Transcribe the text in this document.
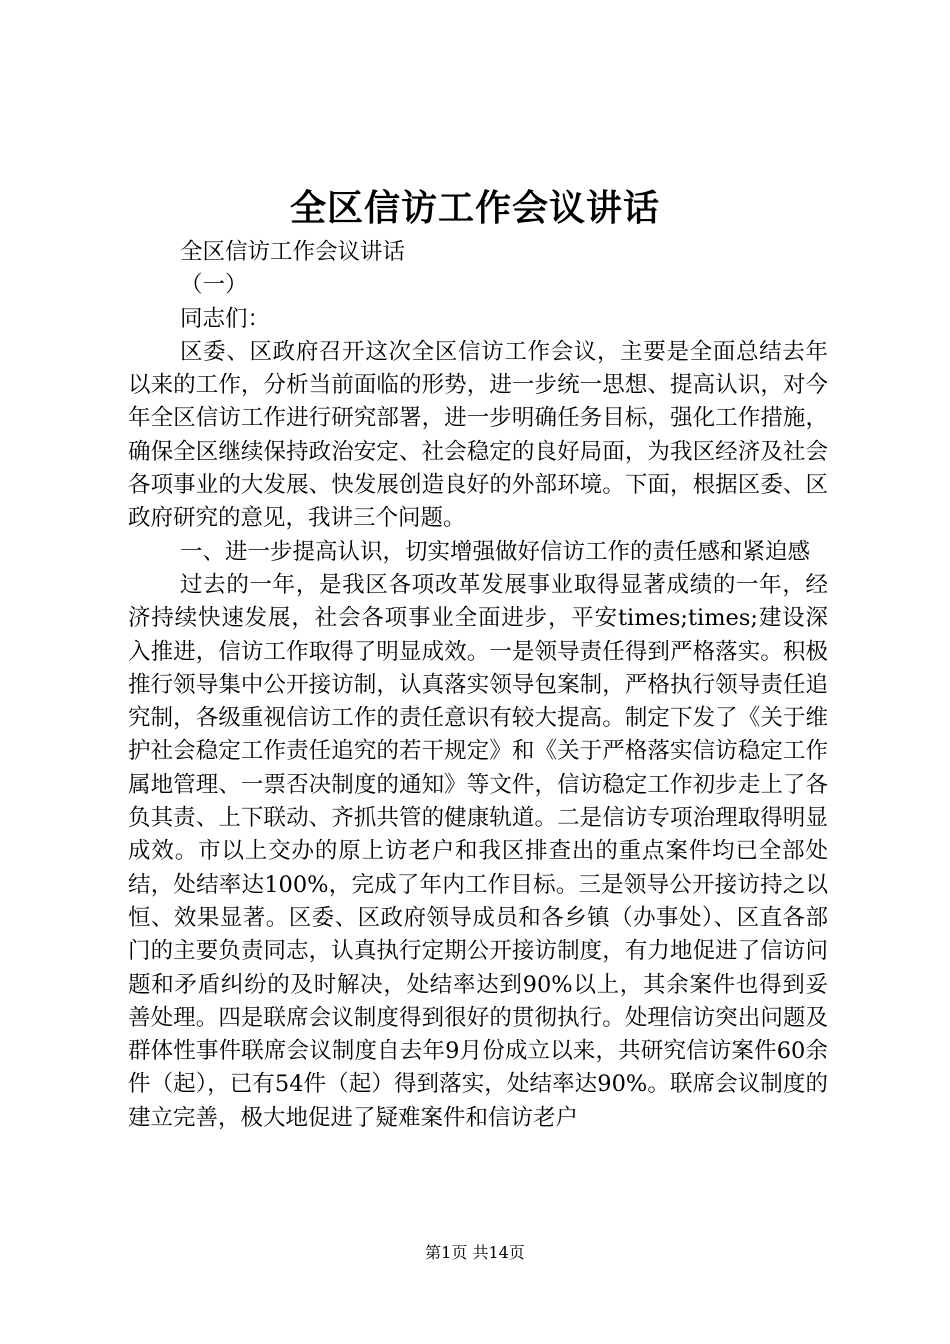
全区信访工作会议讲话

全区信访工作会议讲话

（一）

同志们：

区委、区政府召开这次全区信访工作会议，主要是全面总结去年以来的工作，分析当前面临的形势，进一步统一思想、提高认识，对今年全区信访工作进行研究部署，进一步明确任务目标，强化工作措施，确保全区继续保持政治安定、社会稳定的良好局面，为我区经济及社会各项事业的大发展、快发展创造良好的外部环境。下面，根据区委、区政府研究的意见，我讲三个问题。

一、进一步提高认识，切实增强做好信访工作的责任感和紧迫感

过去的一年，是我区各项改革发展事业取得显著成绩的一年，经济持续快速发展，社会各项事业全面进步，平安times;times;建设深入推进，信访工作取得了明显成效。一是领导责任得到严格落实。积极推行领导集中公开接访制，认真落实领导包案制，严格执行领导责任追究制，各级重视信访工作的责任意识有较大提高。制定下发了《关于维护社会稳定工作责任追究的若干规定》和《关于严格落实信访稳定工作属地管理、一票否决制度的通知》等文件，信访稳定工作初步走上了各负其责、上下联动、齐抓共管的健康轨道。二是信访专项治理取得明显成效。市以上交办的原上访老户和我区排查出的重点案件均已全部处结，处结率达100%，完成了年内工作目标。三是领导公开接访持之以恒、效果显著。区委、区政府领导成员和各乡镇（办事处）、区直各部门的主要负责同志，认真执行定期公开接访制度，有力地促进了信访问题和矛盾纠纷的及时解决，处结率达到90%以上，其余案件也得到妥善处理。四是联席会议制度得到很好的贯彻执行。处理信访突出问题及群体性事件联席会议制度自去年9月份成立以来，共研究信访案件60余件（起），已有54件（起）得到落实，处结率达90%。联席会议制度的建立完善，极大地促进了疑难案件和信访老户

第1页 共14页
